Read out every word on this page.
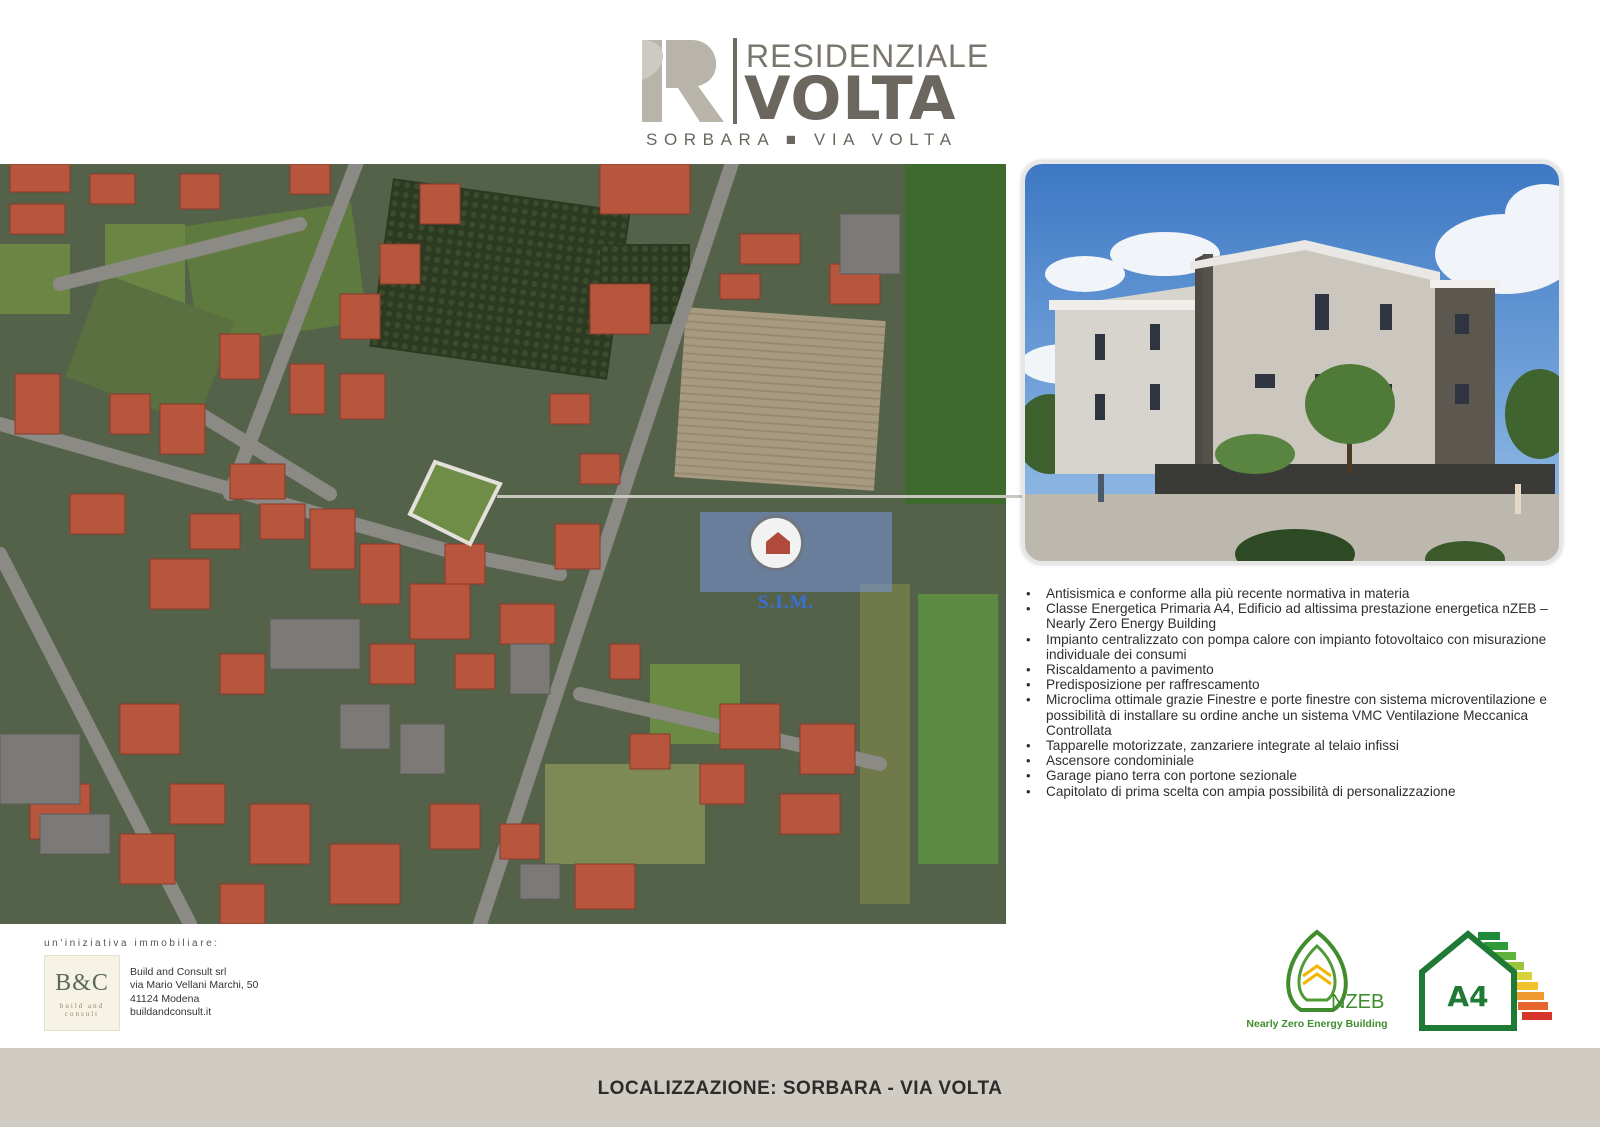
RESIDENZIALE
VOLTA
SORBARA ■ VIA VOLTA
S.I.M.
•	Antisismica e conforme alla più recente normativa in materia
• Classe Energetica Primaria A4, Edificio ad altissima prestazione energetica nZEB – Nearly Zero Energy Building
• Impianto centralizzato con pompa calore con impianto fotovoltaico con misurazione individuale dei consumi
• Riscaldamento a pavimento
• Predisposizione per raffrescamento
• Microclima ottimale grazie Finestre e porte finestre con sistema microventilazione e possibilità di installare su ordine anche un sistema VMC Ventilazione Meccanica Controllata
• Tapparelle motorizzate, zanzariere integrate al telaio infissi
• Ascensore condominiale
• Garage piano terra con portone sezionale
• Capitolato di prima scelta con ampia possibilità di personalizzazione
un'iniziativa immobiliare:
B&C
build and consult
Build and Consult srl
via Mario Vellani Marchi, 50
41124 Modena
buildandconsult.it	NZEB
Nearly Zero Energy Building
A4
LOCALIZZAZIONE: SORBARA - VIA VOLTA
